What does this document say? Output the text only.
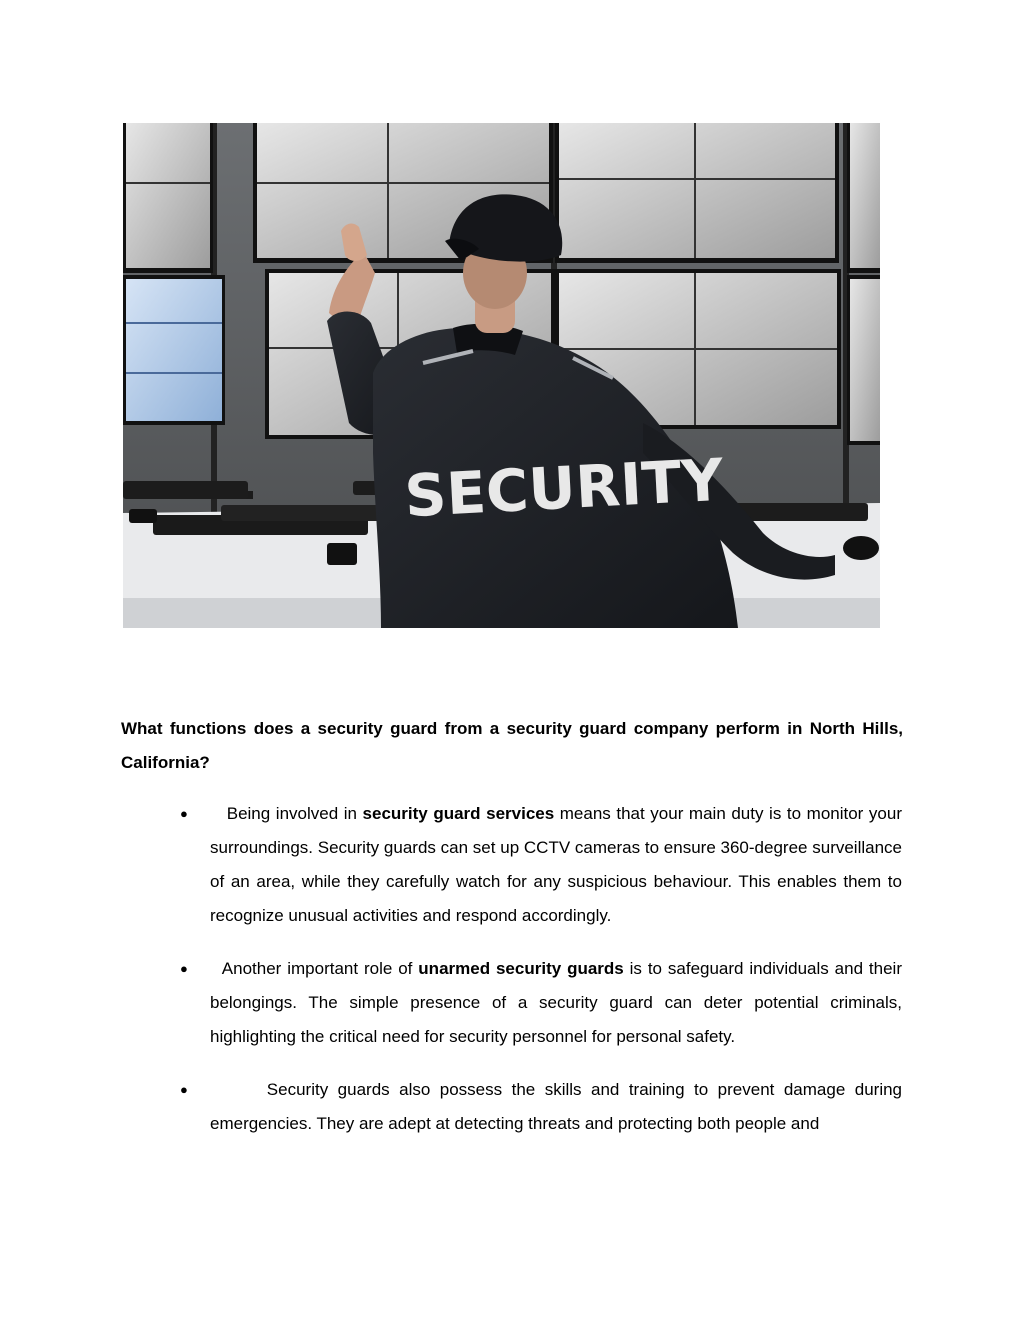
SECURITY
What functions does a security guard from a security guard company perform in North Hills, California?
●	Being involved in security guard services means that your main duty is to monitor your surroundings. Security guards can set up CCTV cameras to ensure 360-degree surveillance of an area, while they carefully watch for any suspicious behaviour. This enables them to recognize unusual activities and respond accordingly.

●	Another important role of unarmed security guards is to safeguard individuals and their belongings. The simple presence of a security guard can deter potential criminals, highlighting the critical need for security personnel for personal safety.

●	Security guards also possess the skills and training to prevent damage during emergencies. They are adept at detecting threats and protecting both people and
